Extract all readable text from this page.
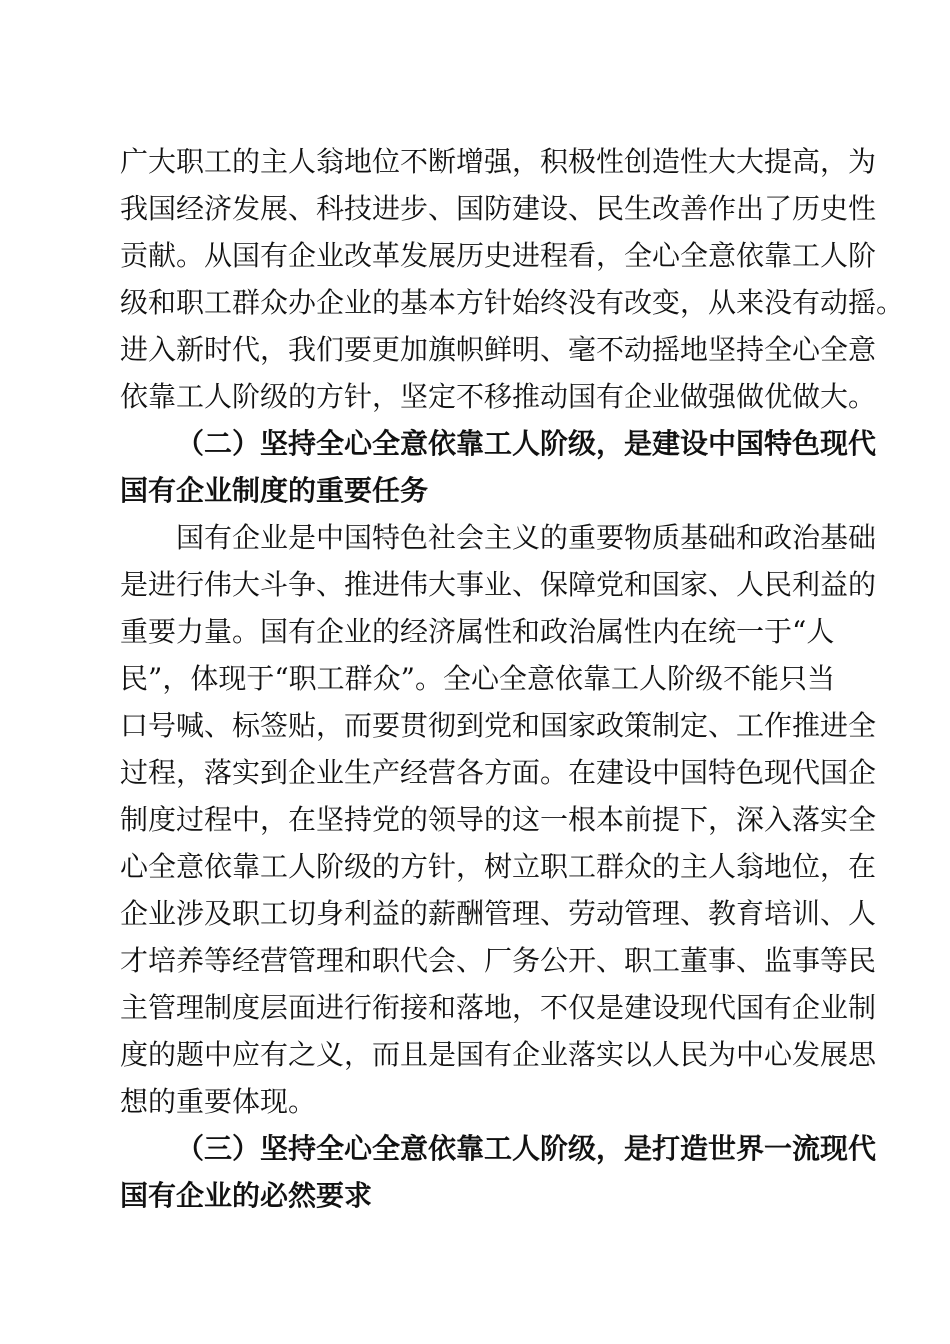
广大职工的主人翁地位不断增强，积极性创造性大大提高，为
我国经济发展、科技进步、国防建设、民生改善作出了历史性
贡献。从国有企业改革发展历史进程看，全心全意依靠工人阶
级和职工群众办企业的基本方针始终没有改变，从来没有动摇。
进入新时代，我们要更加旗帜鲜明、毫不动摇地坚持全心全意
依靠工人阶级的方针，坚定不移推动国有企业做强做优做大。
（二）坚持全心全意依靠工人阶级，是建设中国特色现代
国有企业制度的重要任务
国有企业是中国特色社会主义的重要物质基础和政治基础
是进行伟大斗争、推进伟大事业、保障党和国家、人民利益的
重要力量。国有企业的经济属性和政治属性内在统一于“人
民”，体现于“职工群众”。全心全意依靠工人阶级不能只当
口号喊、标签贴，而要贯彻到党和国家政策制定、工作推进全
过程，落实到企业生产经营各方面。在建设中国特色现代国企
制度过程中，在坚持党的领导的这一根本前提下，深入落实全
心全意依靠工人阶级的方针，树立职工群众的主人翁地位，在
企业涉及职工切身利益的薪酬管理、劳动管理、教育培训、人
才培养等经营管理和职代会、厂务公开、职工董事、监事等民
主管理制度层面进行衔接和落地，不仅是建设现代国有企业制
度的题中应有之义，而且是国有企业落实以人民为中心发展思
想的重要体现。
（三）坚持全心全意依靠工人阶级，是打造世界一流现代
国有企业的必然要求
